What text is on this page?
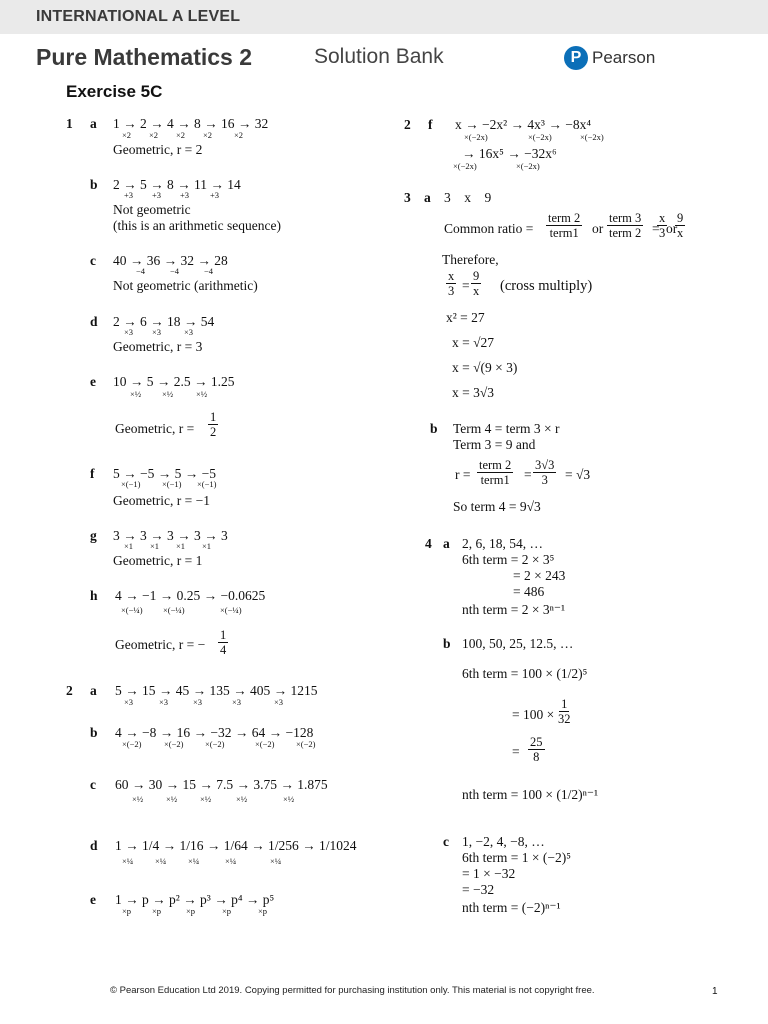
INTERNATIONAL A LEVEL
Pure Mathematics 2	Solution Bank	P Pearson
Exercise 5C
1 a 1 → 2 → 4 → 8 → 16 → 32
×2 ×2 ×2 ×2	×2
Geometric, r = 2
b 2 → 5 → 8 → 11 → 14
+3 +3 +3 +3
Not geometric
(this is an arithmetic sequence)
c 40 → 36 → 32 → 28
−4	−4	−4
Not geometric (arithmetic)
d 2 → 6 → 18 → 54
×3 ×3	×3
Geometric, r = 3
e 10 → 5 → 2.5 → 1.25
×½ ×½	×½
Geometric, $r = \frac{1}{2}$
f 5 → −5 → 5 → −5
×(−1)	×(−1) ×(−1)
Geometric, r = −1
g 3 → 3 → 3 → 3 → 3
×1 ×1 ×1 ×1
Geometric, r = 1
h 4 → −1 → 0.25 → −0.0625
×(−¼) ×(−¼)	×(−¼)
Geometric, r = − $\frac{1}{4}$
2 a 5 → 15 → 45 → 135 → 405 → 1215
×3	×3	×3	×3	×3
b 4 → −8 → 16 → −32 → 64 → −128
×(−2)	×(−2)	×(−2)	×(−2)	×(−2)
c 60 → 30 → 15 → 7.5 → 3.75 → 1.875
×½	×½	×½	×½	×½
d 1 → 1/4 → 1/16 → 1/64 → 1/256 → 1/1024
×¼	×¼	×¼	×¼	×¼
e 1 → p → p² → p³ → p⁴ → p⁵
×p ×p	×p	×p	×p
2 f x → −2x² → 4x³ → −8x⁴
×(−2x)	×(−2x)	×(−2x)
→ 16x⁵ → −32x⁶
×(−2x)	×(−2x)
3 a 3    x    9
Common ratio =
term 2
term1 or
term 3
term 2 =
$\frac{x}{3}$
or
$\frac{9}{x}$
Therefore,
$\frac{x}{3} = \frac{9}{x}$ (cross multiply)
x² = 27
x = √27
x = √(9 × 3)
x = 3√3
b Term 4 = term 3 × r
Term 3 = 9 and
r =
term 2
term1 = $\frac{3√3}{3} = √3$
So term 4 = 9√3
4 a 2, 6, 18, 54, …
6th term = 2 × 3⁵
= 2 × 243
= 486
nth term = 2 × 3ⁿ⁻¹
b 100, 50, 25, 12.5, …
6th term = 100 × (1/2)⁵
= $100 \times \frac{1}{32}$
= $\frac{25}{8}$
nth term = 100 × (1/2)ⁿ⁻¹
c 1, −2, 4, −8, …
6th term = 1 × (−2)⁵
= 1 × −32
= −32
nth term = (−2)ⁿ⁻¹
© Pearson Education Ltd 2019. Copying permitted for purchasing institution only. This material is not copyright free.	1
